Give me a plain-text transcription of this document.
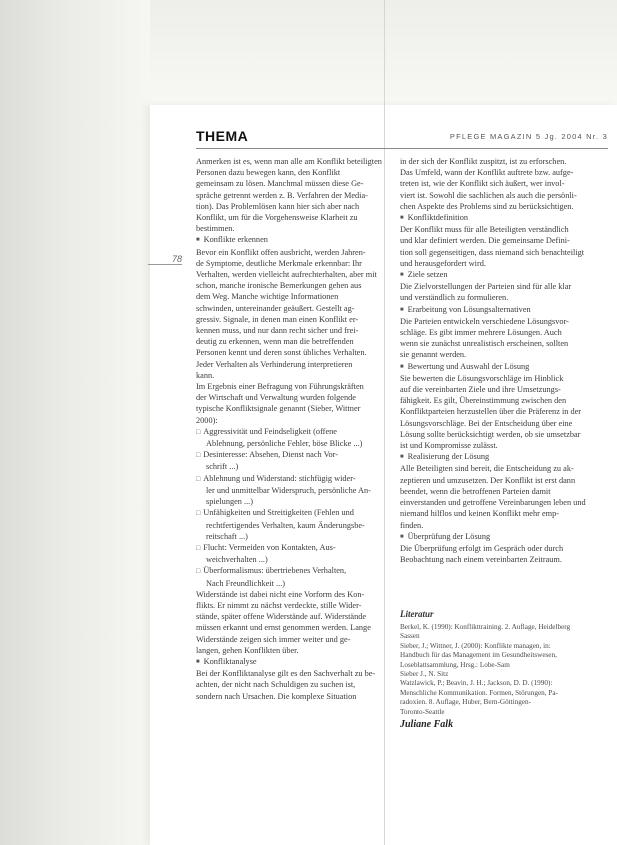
THEMA	PFLEGE MAGAZIN 5 Jg. 2004 Nr. 3
78
Anmerken ist es, wenn man alle am Konflikt beteiligten
Personen dazu bewegen kann, den Konflikt
gemeinsam zu lösen. Manchmal müssen diese Ge-
spräche getrennt werden z. B. Verfahren der Media-
tion). Das Problemlösen kann hier sich aber nach
Konflikt, um für die Vorgehensweise Klarheit zu
bestimmen.
■ Konflikte erkennen
Bevor ein Konflikt offen ausbricht, werden Jahren-
de Symptome, deutliche Merkmale erkennbar: Ihr
Verhalten, werden vielleicht aufrechterhalten, aber mit
schon, manche ironische Bemerkungen gehen aus
dem Weg. Manche wichtige Informationen
schwinden, untereinander geäußert. Gestellt ag-
gressiv. Signale, in denen man einen Konflikt er-
kennen muss, und nur dann recht sicher und frei-
deutig zu erkennen, wenn man die betreffenden
Personen kennt und deren sonst übliches Verhalten.
Jeder Verhalten als Verhinderung interpretieren
kann.
Im Ergebnis einer Befragung von Führungskräften
der Wirtschaft und Verwaltung wurden folgende
typische Konfliktsignale genannt (Sieber, Wittner
2000):
□ Aggressivität und Feindseligkeit (offene
Ablehnung, persönliche Fehler, böse Blicke ...)
□ Desinteresse: Absehen, Dienst nach Vor-
schrift ...)
□ Ablehnung und Widerstand: stichfügig wider-
ler und unmittelbar Widerspruch, persönliche An-
spielungen ...)
□ Unfähigkeiten und Streitigkeiten (Fehlen und
rechtfertigendes Verhalten, kaum Änderungsbe-
reitschaft ...)
□ Flucht: Vermeiden von Kontakten, Aus-
weichverhalten ...)
□ Überformalismus: übertriebenes Verhalten,
Nach Freundlichkeit ...)
Widerstände ist dabei nicht eine Vorform des Kon-
flikts. Er nimmt zu nächst verdeckte, stille Wider-
stände, später offene Widerstände auf. Widerstände
müssen erkannt und ernst genommen werden. Lange
Widerstände zeigen sich immer weiter und ge-
langen, gehen Konflikten über.
■ Konfliktanalyse
Bei der Konfliktanalyse gilt es den Sachverhalt zu be-
achten, der nicht nach Schuldigen zu suchen ist,
sondern nach Ursachen. Die komplexe Situation
in der sich der Konflikt zuspitzt, ist zu erforschen.
Das Umfeld, wann der Konflikt auftrete bzw. aufge-
treten ist, wie der Konflikt sich äußert, wer invol-
viert ist. Sowohl die sachlichen als auch die persönli-
chen Aspekte des Problems sind zu berücksichtigen.
■ Konfliktdefinition
Der Konflikt muss für alle Beteiligten verständlich
und klar definiert werden. Die gemeinsame Defini-
tion soll gegenseitigen, dass niemand sich benachteiligt
und herausgefordert wird.
■ Ziele setzen
Die Zielvorstellungen der Parteien sind für alle klar
und verständlich zu formulieren.
■ Erarbeitung von Lösungsalternativen
Die Parteien entwickeln verschiedene Lösungsvor-
schläge. Es gibt immer mehrere Lösungen. Auch
wenn sie zunächst unrealistisch erscheinen, sollten
sie genannt werden.
■ Bewertung und Auswahl der Lösung
Sie bewerten die Lösungsvorschläge im Hinblick
auf die vereinbarten Ziele und ihre Umsetzungs-
fähigkeit. Es gilt, Übereinstimmung zwischen den
Konfliktparteien herzustellen über die Präferenz in der
Lösungsvorschläge. Bei der Entscheidung über eine
Lösung sollte berücksichtigt werden, ob sie umsetzbar
ist und Kompromisse zulässt.
■ Realisierung der Lösung
Alle Beteiligten sind bereit, die Entscheidung zu ak-
zeptieren und umzusetzen. Der Konflikt ist erst dann
beendet, wenn die betroffenen Parteien damit
einverstanden und getroffene Vereinbarungen leben und
niemand hilflos und keinen Konflikt mehr emp-
finden.
■ Überprüfung der Lösung
Die Überprüfung erfolgt im Gespräch oder durch
Beobachtung nach einem vereinbarten Zeitraum.
Literatur
Berkel, K. (1990): Konflikttraining. 2. Auflage, Heidelberg
Sassen
Sieber, J.; Wittner, J. (2000): Konflikte managen, in:
Handbuch für das Management im Gesundheitswesen,
Loseblattsammlung, Hrsg.: Lobe-Sam
Sieber J., N. Sitz
Watzlawick, P.; Beavin, J. H.; Jackson, D. D. (1990):
Menschliche Kommunikation. Formen, Störungen, Pa-
radoxien. 8. Auflage, Huber, Bern-Göttingen-
Toronto-Seattle
Juliane Falk
